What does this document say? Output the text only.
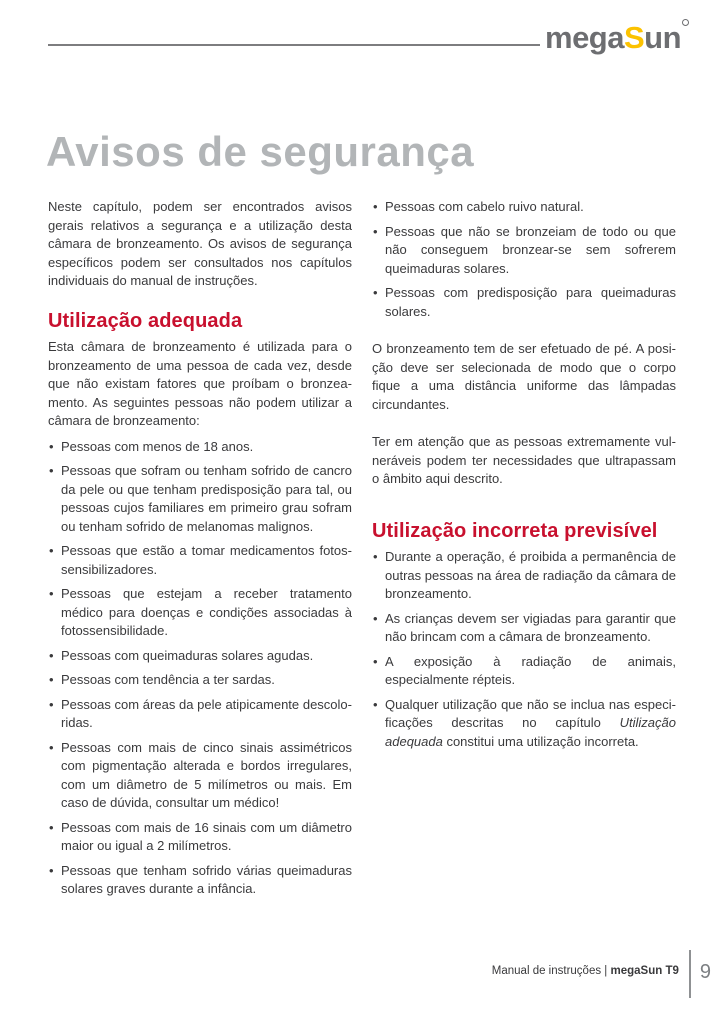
megaSun
Avisos de segurança

Neste capítulo, podem ser encontrados avisos gerais relativos a segurança e a utilização desta câmara de bronzeamento. Os avisos de segurança específicos podem ser consultados nos capítulos individuais do manual de instruções.

Utilização adequada

Esta câmara de bronzeamento é utilizada para o bronzeamento de uma pessoa de cada vez, desde que não existam fatores que proíbam o bronzeamento. As seguintes pessoas não podem utilizar a câmara de bronzeamento:

• Pessoas com menos de 18 anos.
• Pessoas que sofram ou tenham sofrido de cancro da pele ou que tenham predisposição para tal, ou pessoas cujos familiares em primeiro grau sofram ou tenham sofrido de melanomas malignos.
• Pessoas que estão a tomar medicamentos fotossensibilizadores.
• Pessoas que estejam a receber tratamento médico para doenças e condições associadas à fotossensibilidade.
• Pessoas com queimaduras solares agudas.
• Pessoas com tendência a ter sardas.
• Pessoas com áreas da pele atipicamente descoloridas.
• Pessoas com mais de cinco sinais assimétricos com pigmentação alterada e bordos irregulares, com um diâmetro de 5 milímetros ou mais. Em caso de dúvida, consultar um médico!
• Pessoas com mais de 16 sinais com um diâmetro maior ou igual a 2 milímetros.
• Pessoas que tenham sofrido várias queimaduras solares graves durante a infância.
• Pessoas com cabelo ruivo natural.
• Pessoas que não se bronzeiam de todo ou que não conseguem bronzear-se sem sofrerem queimaduras solares.
• Pessoas com predisposição para queimaduras solares.

O bronzeamento tem de ser efetuado de pé. A posição deve ser selecionada de modo que o corpo fique a uma distância uniforme das lâmpadas circundantes.

Ter em atenção que as pessoas extremamente vulneráveis podem ter necessidades que ultrapassam o âmbito aqui descrito.

Utilização incorreta previsível
• Durante a operação, é proibida a permanência de outras pessoas na área de radiação da câmara de bronzeamento.
• As crianças devem ser vigiadas para garantir que não brincam com a câmara de bronzeamento.
• A exposição à radiação de animais, especialmente répteis.
• Qualquer utilização que não se inclua nas especificações descritas no capítulo Utilização adequada constitui uma utilização incorreta.
Manual de instruções | megaSun T9 9
